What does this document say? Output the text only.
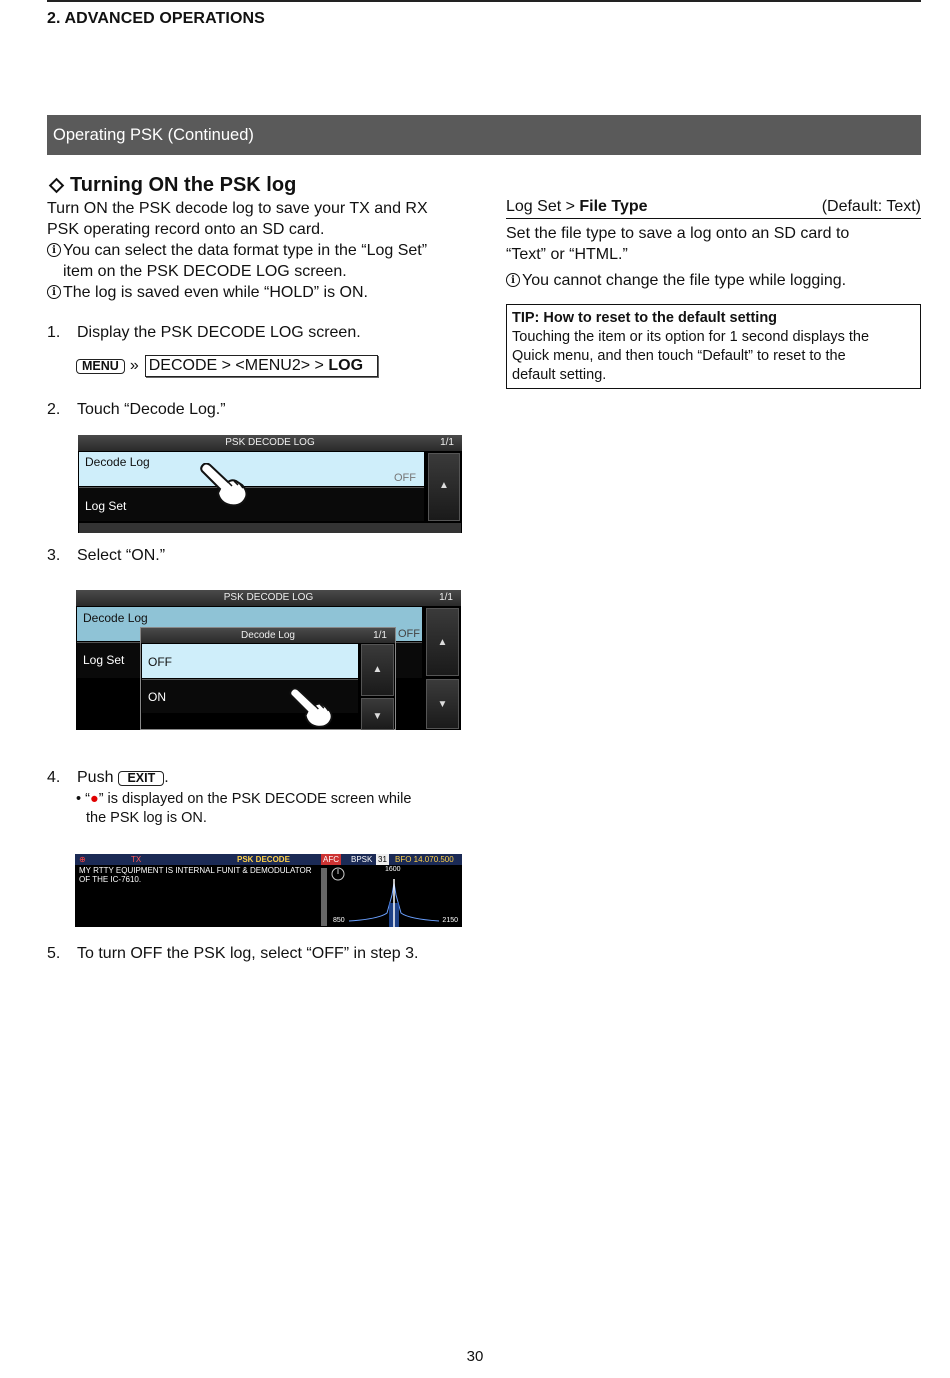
2. ADVANCED OPERATIONS
Operating PSK (Continued)
Turning ON the PSK log
Turn ON the PSK decode log to save your TX and RX
PSK operating record onto an SD card.
i You can select the data format type in the “Log Set”
item on the PSK DECODE LOG screen.
i The log is saved even while “HOLD” is ON.
1.	Display the PSK DECODE LOG screen.
MENU » DECODE > <MENU2> > LOG
2.	Touch “Decode Log.”
PSK DECODE LOG	1/1
Decode Log
OFF
Log Set
▲
3.	Select “ON.”
PSK DECODE LOG	1/1
Decode Log
OFF
Log Set
▲
▼
Decode Log	1/1
OFF
ON
▲
▼
4.	Push	EXIT .
• “●” is displayed on the PSK DECODE screen while
the PSK log is ON.
⊕	TX	PSK DECODE	AFC BPSK 31 BFO 14.070.500
MY RTTY EQUIPMENT IS INTERNAL FUNIT & DEMODULATOR
OF THE IC-7610.
1600
850	2150
5.	To turn OFF the PSK log, select “OFF” in step 3.
Log Set > File Type	(Default: Text)
Set the file type to save a log onto an SD card to
“Text” or “HTML.”
i You cannot change the file type while logging.
TIP: How to reset to the default setting
Touching the item or its option for 1 second displays the
Quick menu, and then touch “Default” to reset to the
default setting.
30
